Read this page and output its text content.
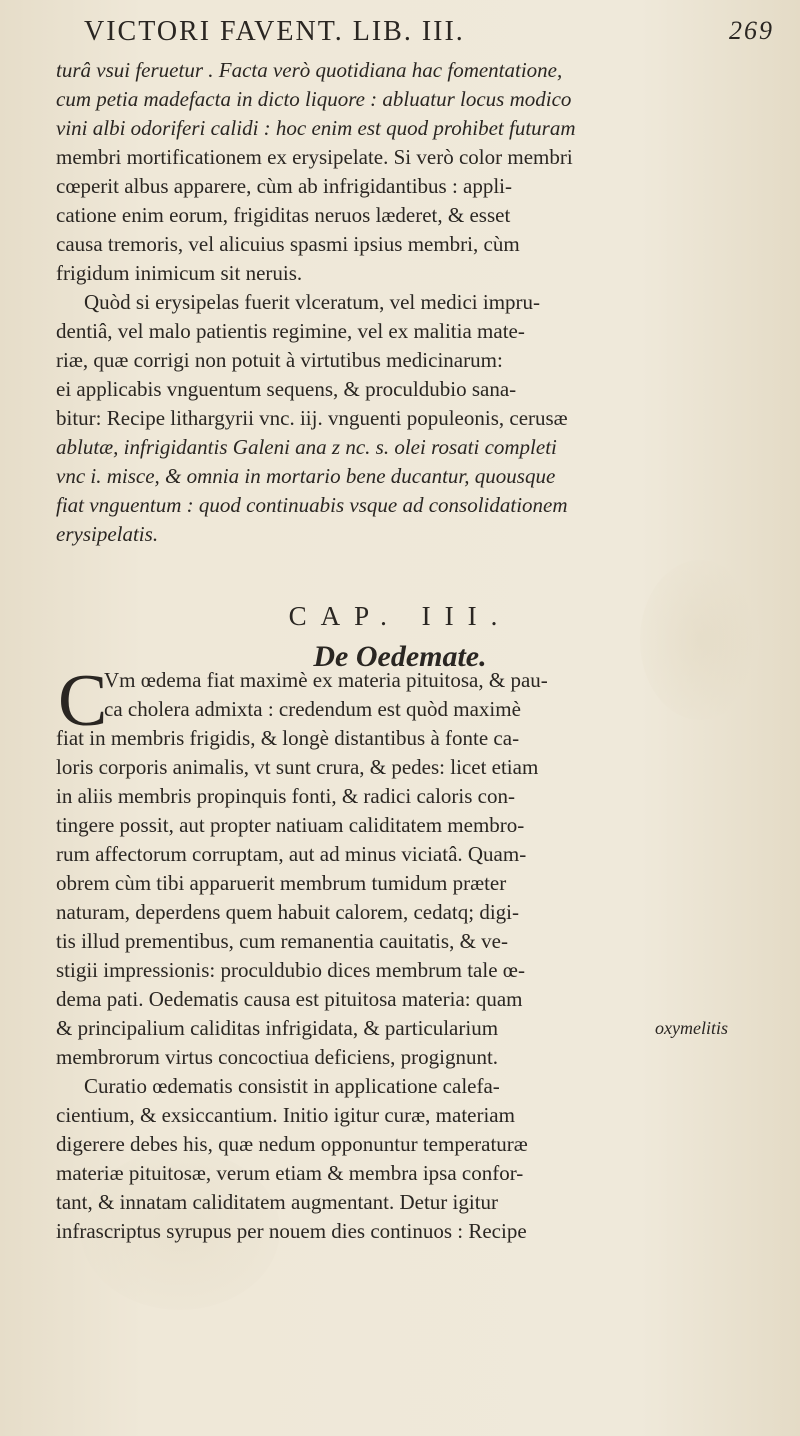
VICTORI FAVENT. LIB. III.	269
turâ vsui feruetur . Facta verò quotidiana hac fomentatione,
cum petia madefacta in dicto liquore : abluatur locus modico
vini albi odoriferi calidi : hoc enim est quod prohibet futuram
membri mortificationem ex erysipelate. Si verò color membri
cœperit albus apparere, cùm ab infrigidantibus : appli-
catione enim eorum, frigiditas neruos læderet, & esset
causa tremoris, vel alicuius spasmi ipsius membri, cùm
frigidum inimicum sit neruis.
Quòd si erysipelas fuerit vlceratum, vel medici impru-
dentiâ, vel malo patientis regimine, vel ex malitia mate-
riæ, quæ corrigi non potuit à virtutibus medicinarum:
ei applicabis vnguentum sequens, & proculdubio sana-
bitur: Recipe lithargyrii vnc. iij. vnguenti populeonis, cerusæ
ablutæ, infrigidantis Galeni ana z nc. s. olei rosati completi
vnc i. misce, & omnia in mortario bene ducantur, quousque
fiat vnguentum : quod continuabis vsque ad consolidationem
erysipelatis.
CAP. III.
De Oedemate.
C
Vm œdema fiat maximè ex materia pituitosa, & pau-
ca cholera admixta : credendum est quòd maximè
fiat in membris frigidis, & longè distantibus à fonte ca-
loris corporis animalis, vt sunt crura, & pedes: licet etiam
in aliis membris propinquis fonti, & radici caloris con-
tingere possit, aut propter natiuam caliditatem membro-
rum affectorum corruptam, aut ad minus viciatâ. Quam-
obrem cùm tibi apparuerit membrum tumidum præter
naturam, deperdens quem habuit calorem, cedatq; digi-
tis illud prementibus, cum remanentia cauitatis, & ve-
stigii impressionis: proculdubio dices membrum tale œ-
dema pati. Oedematis causa est pituitosa materia: quam
& principalium caliditas infrigidata, & particularium
membrorum virtus concoctiua deficiens, progignunt.
Curatio œdematis consistit in applicatione calefa-
cientium, & exsiccantium. Initio igitur curæ, materiam
digerere debes his, quæ nedum opponuntur temperaturæ
materiæ pituitosæ, verum etiam & membra ipsa confor-
tant, & innatam caliditatem augmentant. Detur igitur
infrascriptus syrupus per nouem dies continuos : Recipe
oxymelitis
